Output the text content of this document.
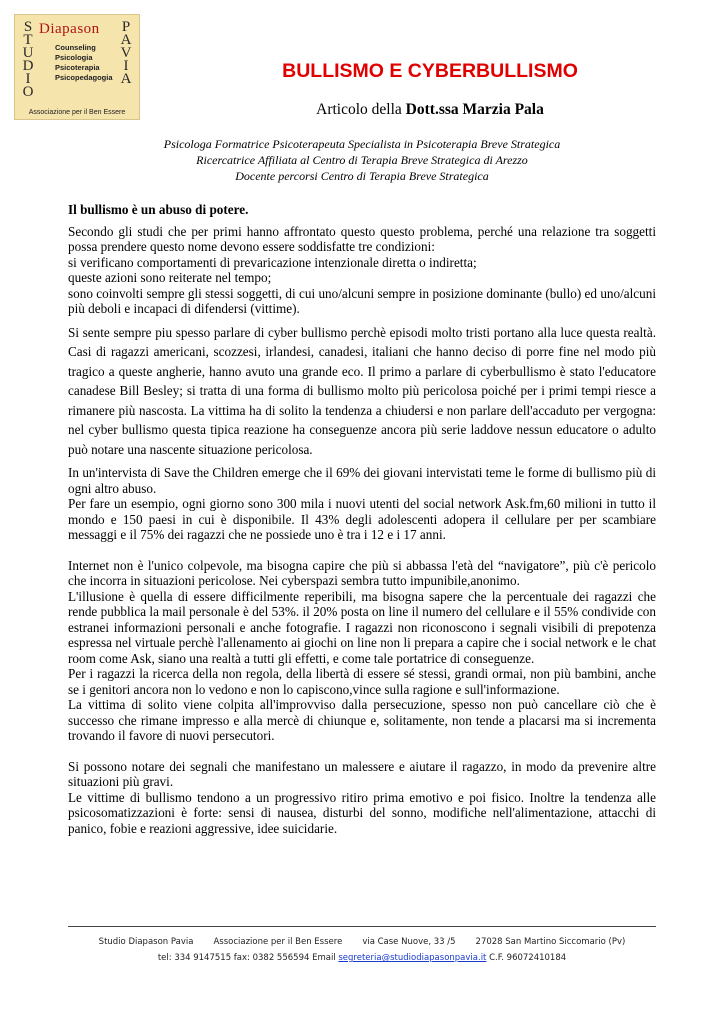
S
T
U
D
I
O
Diapason P
A
V
I
A
Counseling
Psicologia
Psicoterapia
Psicopedagogia
Associazione per il Ben Essere
BULLISMO E CYBERBULLISMO
Articolo della Dott.ssa Marzia Pala
Psicologa Formatrice Psicoterapeuta Specialista in Psicoterapia Breve Strategica
Ricercatrice Affiliata al Centro di Terapia Breve Strategica di Arezzo
Docente percorsi Centro di Terapia Breve Strategica

Il bullismo è un abuso di potere.

Secondo gli studi che per primi hanno affrontato questo questo problema, perché una relazione tra soggetti possa prendere questo nome devono essere soddisfatte tre condizioni:

si verificano comportamenti di prevaricazione intenzionale diretta o indiretta;

queste azioni sono reiterate nel tempo;

sono coinvolti sempre gli stessi soggetti, di cui uno/alcuni sempre in posizione dominante (bullo) ed uno/alcuni più deboli e incapaci di difendersi (vittime).

Si sente sempre piu spesso parlare di cyber bullismo perchè episodi molto tristi portano alla luce questa realtà. Casi di ragazzi americani, scozzesi, irlandesi, canadesi, italiani che hanno deciso di porre fine nel modo più tragico a queste angherie, hanno avuto una grande eco. Il primo a parlare di cyberbullismo è stato l'educatore canadese Bill Besley; si tratta di una forma di bullismo molto più pericolosa poiché per i primi tempi riesce a rimanere più nascosta. La vittima ha di solito la tendenza a chiudersi e non parlare dell'accaduto per vergogna: nel cyber bullismo questa tipica reazione ha conseguenze ancora più serie laddove nessun educatore o adulto può notare una nascente situazione pericolosa.

In un'intervista di Save the Children emerge che il 69% dei giovani intervistati teme le forme di bullismo più di ogni altro abuso.

Per fare un esempio, ogni giorno sono 300 mila i nuovi utenti del social network Ask.fm,60 milioni in tutto il mondo e 150 paesi in cui è disponibile. Il 43% degli adolescenti adopera il cellulare per per scambiare messaggi e il 75% dei ragazzi che ne possiede uno è tra i 12 e i 17 anni.

Internet non è l'unico colpevole, ma bisogna capire che più si abbassa l'età del “navigatore”, più c'è pericolo che incorra in situazioni pericolose. Nei cyberspazi sembra tutto impunibile,anonimo.

L'illusione è quella di essere difficilmente reperibili, ma bisogna sapere che la percentuale dei ragazzi che rende pubblica la mail personale è del 53%. il 20% posta on line il numero del cellulare e il 55% condivide con estranei informazioni personali e anche fotografie. I ragazzi non riconoscono i segnali visibili di prepotenza espressa nel virtuale perchè l'allenamento ai giochi on line non li prepara a capire che i social network e le chat room come Ask, siano una realtà a tutti gli effetti, e come tale portatrice di conseguenze.

Per i ragazzi la ricerca della non regola, della libertà di essere sé stessi, grandi ormai, non più bambini, anche se i genitori ancora non lo vedono e non lo capiscono,vince sulla ragione e sull'informazione.

La vittima di solito viene colpita all'improvviso dalla persecuzione, spesso non può cancellare ciò che è successo che rimane impresso e alla mercè di chiunque e, solitamente, non tende a placarsi ma si incrementa trovando il favore di nuovi persecutori.

Si possono notare dei segnali che manifestano un malessere e aiutare il ragazzo, in modo da prevenire altre situazioni più gravi.

Le vittime di bullismo tendono a un progressivo ritiro prima emotivo e poi fisico. Inoltre la tendenza alle psicosomatizzazioni è forte: sensi di nausea, disturbi del sonno, modifiche nell'alimentazione, attacchi di panico, fobie e reazioni aggressive, idee suicidarie.

Studio Diapason Pavia Associazione per il Ben Essere via Case Nuove, 33 /5 27028 San Martino Siccomario (Pv)
tel: 334 9147515 fax: 0382 556594 Email segreteria@studiodiapasonpavia.it C.F. 96072410184
